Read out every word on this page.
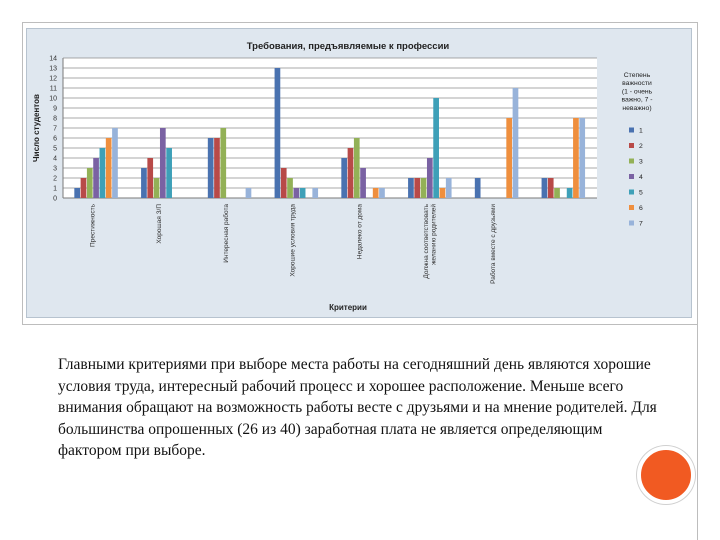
0
1
2
3
4
5
6
7
8
9
10
11
12
13
14
Престижность	Хорошая З/П	Интересная работа	Хорошие условия труда	Недалеко от дома	Должна соответствоватьжеланию родителей	Работа вместе с друзьями
Требования, предъявляемые к профессии
Критерии
Число студентов
Степень важности (1 - очень важно, 7 -неважно)
1
2
3
4
5
6
7

Главными критериями при выборе места работы на сегодняшний день являются хорошие условия труда, интересный рабочий процесс и хорошее расположение. Меньше всего внимания обращают на возможность работы весте с друзьями и на мнение родителей. Для большинства опрошенных (26 из 40) заработная плата не является определяющим фактором при выборе.
